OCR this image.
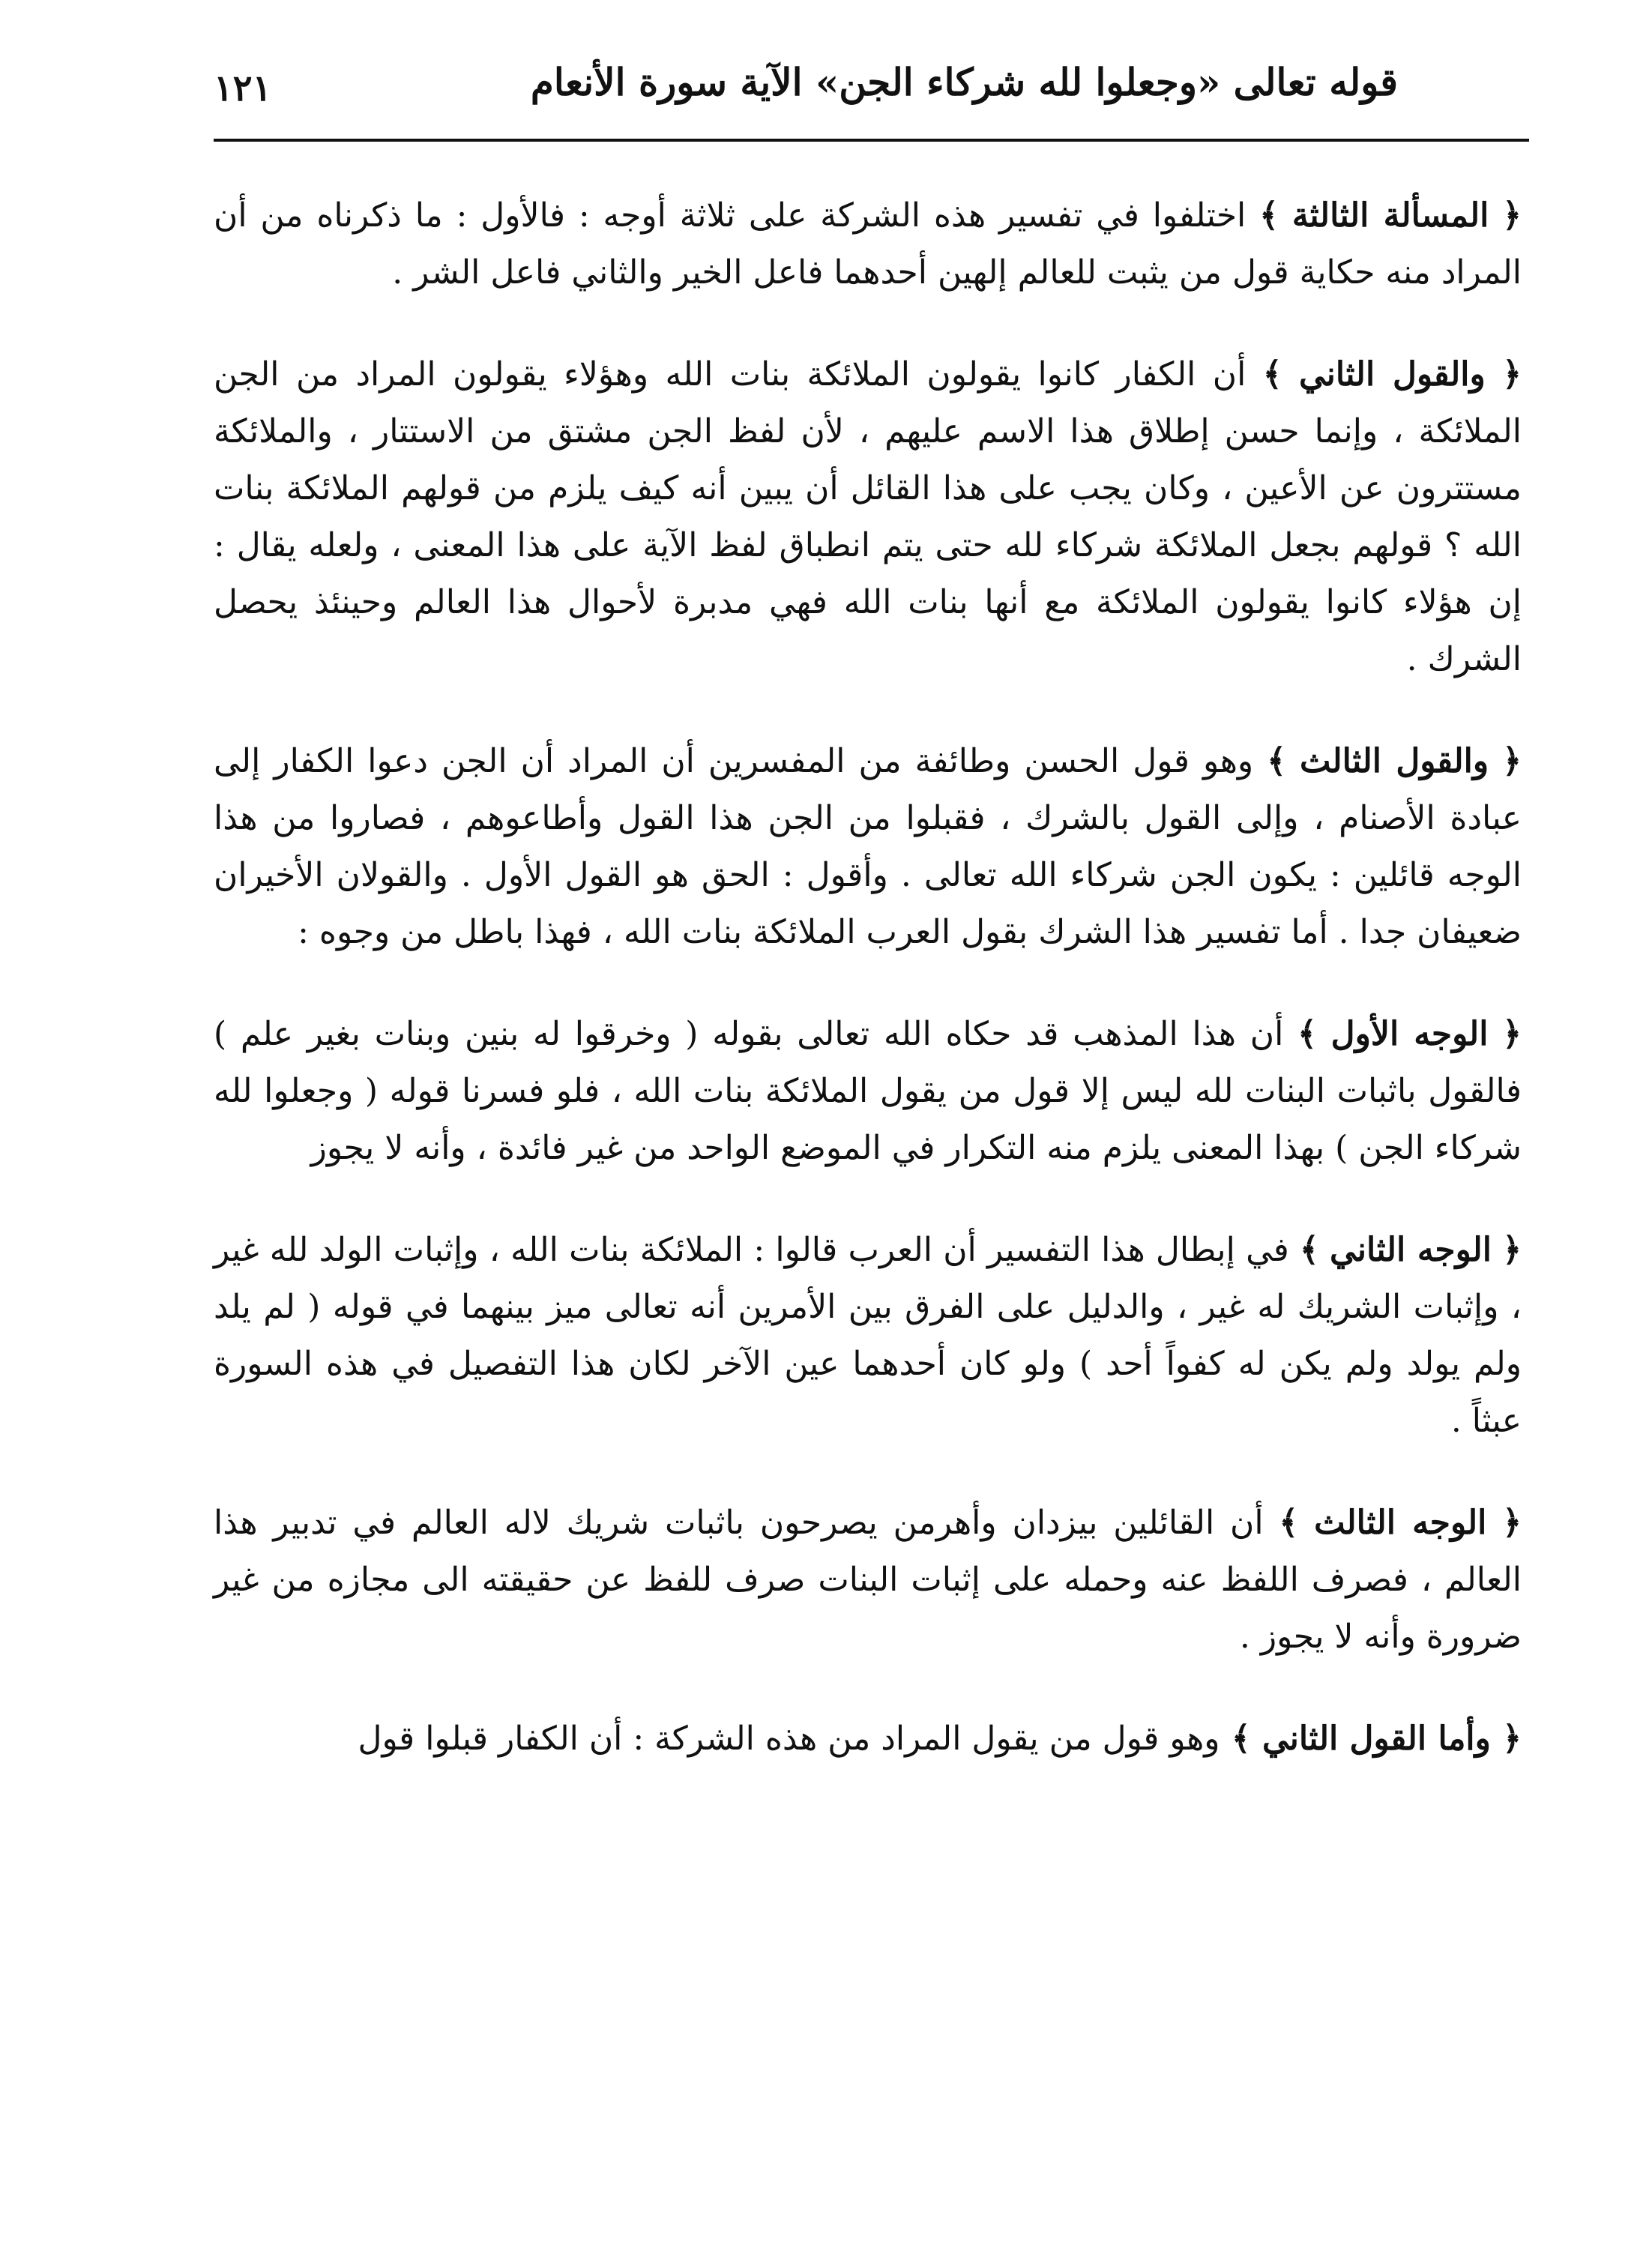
١٢١	قوله تعالى «وجعلوا لله شركاء الجن» الآية سورة الأنعام

﴿ المسألة الثالثة ﴾ اختلفوا في تفسير هذه الشركة على ثلاثة أوجه : فالأول : ما ذكرناه من أن المراد منه حكاية قول من يثبت للعالم إلهين أحدهما فاعل الخير والثاني فاعل الشر .

﴿ والقول الثاني ﴾ أن الكفار كانوا يقولون الملائكة بنات الله وهؤلاء يقولون المراد من الجن الملائكة ، وإنما حسن إطلاق هذا الاسم عليهم ، لأن لفظ الجن مشتق من الاستتار ، والملائكة مستترون عن الأعين ، وكان يجب على هذا القائل أن يبين أنه كيف يلزم من قولهم الملائكة بنات الله ؟ قولهم بجعل الملائكة شركاء لله حتى يتم انطباق لفظ الآية على هذا المعنى ، ولعله يقال : إن هؤلاء كانوا يقولون الملائكة مع أنها بنات الله فهي مدبرة لأحوال هذا العالم وحينئذ يحصل الشرك .

﴿ والقول الثالث ﴾ وهو قول الحسن وطائفة من المفسرين أن المراد أن الجن دعوا الكفار إلى عبادة الأصنام ، وإلى القول بالشرك ، فقبلوا من الجن هذا القول وأطاعوهم ، فصاروا من هذا الوجه قائلين : يكون الجن شركاء الله تعالى . وأقول : الحق هو القول الأول . والقولان الأخيران ضعيفان جدا . أما تفسير هذا الشرك بقول العرب الملائكة بنات الله ، فهذا باطل من وجوه :

﴿ الوجه الأول ﴾ أن هذا المذهب قد حكاه الله تعالى بقوله ( وخرقوا له بنين وبنات بغير علم ) فالقول باثبات البنات لله ليس إلا قول من يقول الملائكة بنات الله ، فلو فسرنا قوله ( وجعلوا لله شركاء الجن ) بهذا المعنى يلزم منه التكرار في الموضع الواحد من غير فائدة ، وأنه لا يجوز

﴿ الوجه الثاني ﴾ في إبطال هذا التفسير أن العرب قالوا : الملائكة بنات الله ، وإثبات الولد لله غير ، وإثبات الشريك له غير ، والدليل على الفرق بين الأمرين أنه تعالى ميز بينهما في قوله ( لم يلد ولم يولد ولم يكن له كفواً أحد ) ولو كان أحدهما عين الآخر لكان هذا التفصيل في هذه السورة عبثاً .

﴿ الوجه الثالث ﴾ أن القائلين بيزدان وأهرمن يصرحون باثبات شريك لاله العالم في تدبير هذا العالم ، فصرف اللفظ عنه وحمله على إثبات البنات صرف للفظ عن حقيقته الى مجازه من غير ضرورة وأنه لا يجوز .

﴿ وأما القول الثاني ﴾ وهو قول من يقول المراد من هذه الشركة : أن الكفار قبلوا قول
